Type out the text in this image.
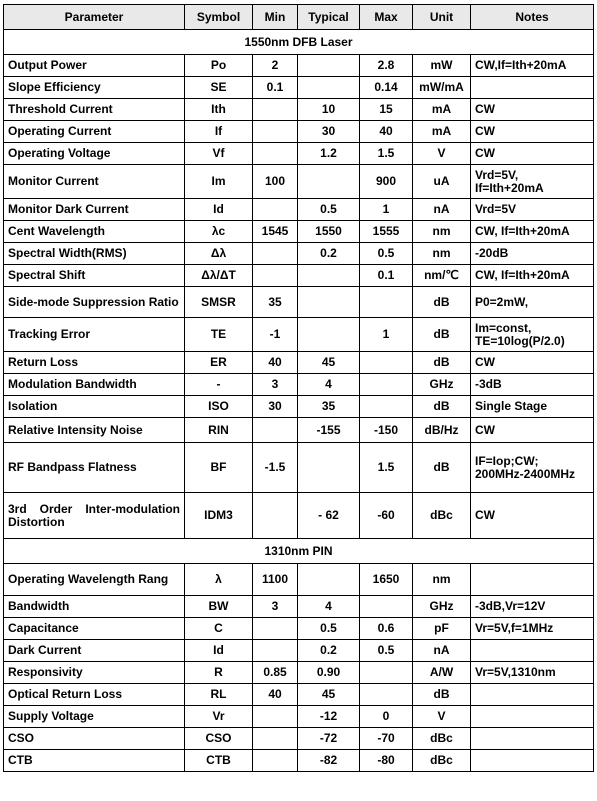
Parameter	Symbol	Min	Typical	Max	Unit	Notes
1550nm DFB Laser						
Output Power	Po	2		2.8	mW	CW,If=Ith+20mA
Slope Efficiency	SE	0.1		0.14	mW/mA	
Threshold Current	Ith		10	15	mA	CW
Operating Current	If		30	40	mA	CW
Operating Voltage	Vf		1.2	1.5	V	CW
Monitor Current	Im	100		900	uA	Vrd=5V, If=Ith+20mA
Monitor Dark Current	Id		0.5	1	nA	Vrd=5V
Cent Wavelength	λc	1545	1550	1555	nm	CW, If=Ith+20mA
Spectral Width(RMS)	Δλ		0.2	0.5	nm	-20dB
Spectral Shift	Δλ/ΔT			0.1	nm/℃	CW, If=Ith+20mA
Side-mode Suppression Ratio	SMSR	35			dB	P0=2mW,
Tracking Error	TE	-1		1	dB	Im=const, TE=10log(P/2.0)
Return Loss	ER	40	45		dB	CW
Modulation Bandwidth	-	3	4		GHz	-3dB
Isolation	ISO	30	35		dB	Single Stage
Relative Intensity Noise	RIN		-155	-150	dB/Hz	CW
RF Bandpass Flatness	BF	-1.5		1.5	dB	IF=Iop;CW; 200MHz-2400MHz
3rd Order Inter-modulation Distortion	IDM3		- 62	-60	dBc	CW
1310nm PIN						
Operating Wavelength Rang	λ	1100		1650	nm	
Bandwidth	BW	3	4		GHz	-3dB,Vr=12V
Capacitance	C		0.5	0.6	pF	Vr=5V,f=1MHz
Dark Current	Id		0.2	0.5	nA	
Responsivity	R	0.85	0.90		A/W	Vr=5V,1310nm
Optical Return Loss	RL	40	45		dB	
Supply Voltage	Vr		-12	0	V	
CSO	CSO		-72	-70	dBc	
CTB	CTB		-82	-80	dBc	
